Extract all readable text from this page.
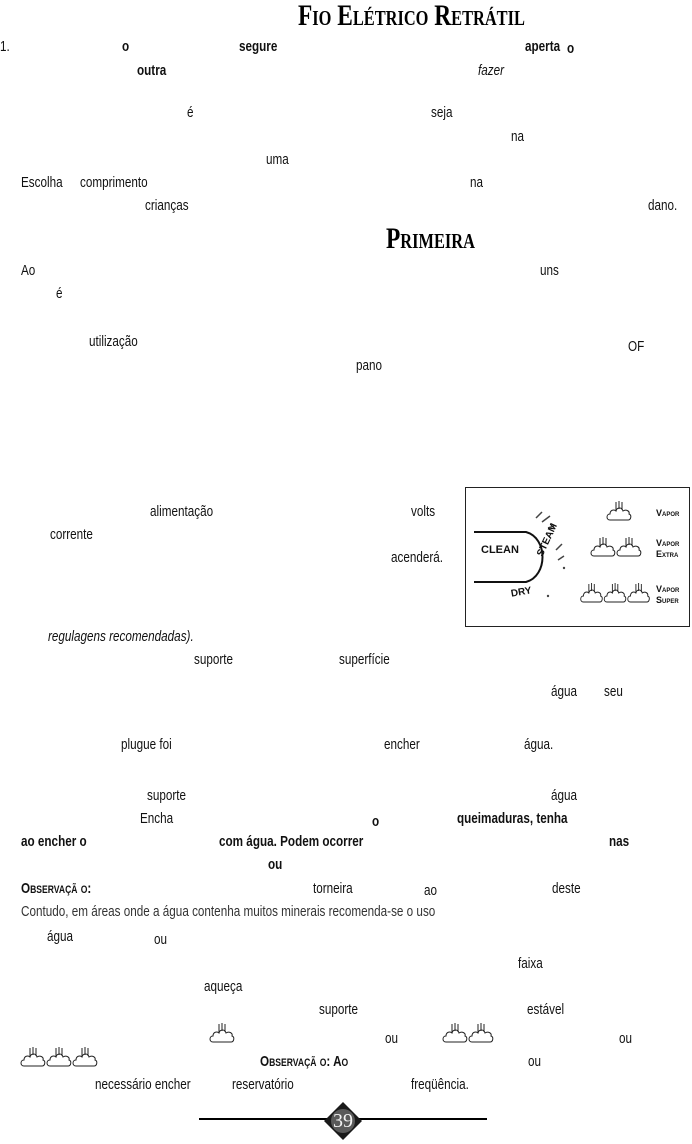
Fio Elétrico Retrátil
Primeira
1.	o	segure	aperta o
outra	fazer
é	seja
na
uma
Escolha comprimento	na
crianças	dano.
Ao	uns
é
utilização	OF
pano
alimentação	volts
corrente
acenderá.
regulagens recomendadas).
suporte	superfície
água seu
plugue foi	encher	água.
suporte	água
Encha	o	queimaduras, tenha
ao encher o	com água. Podem ocorrer	nas
ou
Observaçã o:	torneira	ao	deste
Contudo, em áreas onde a água contenha muitos minerais recomenda-se o uso
água	ou
faixa
aqueça
suporte	estável
ou	ou
Observaçã o: Ao	ou
necessário encher	reservatório	freqüência.
CLEAN STEAM
DRY
Vapor
Vapor
Extra
Vapor
Super
39
